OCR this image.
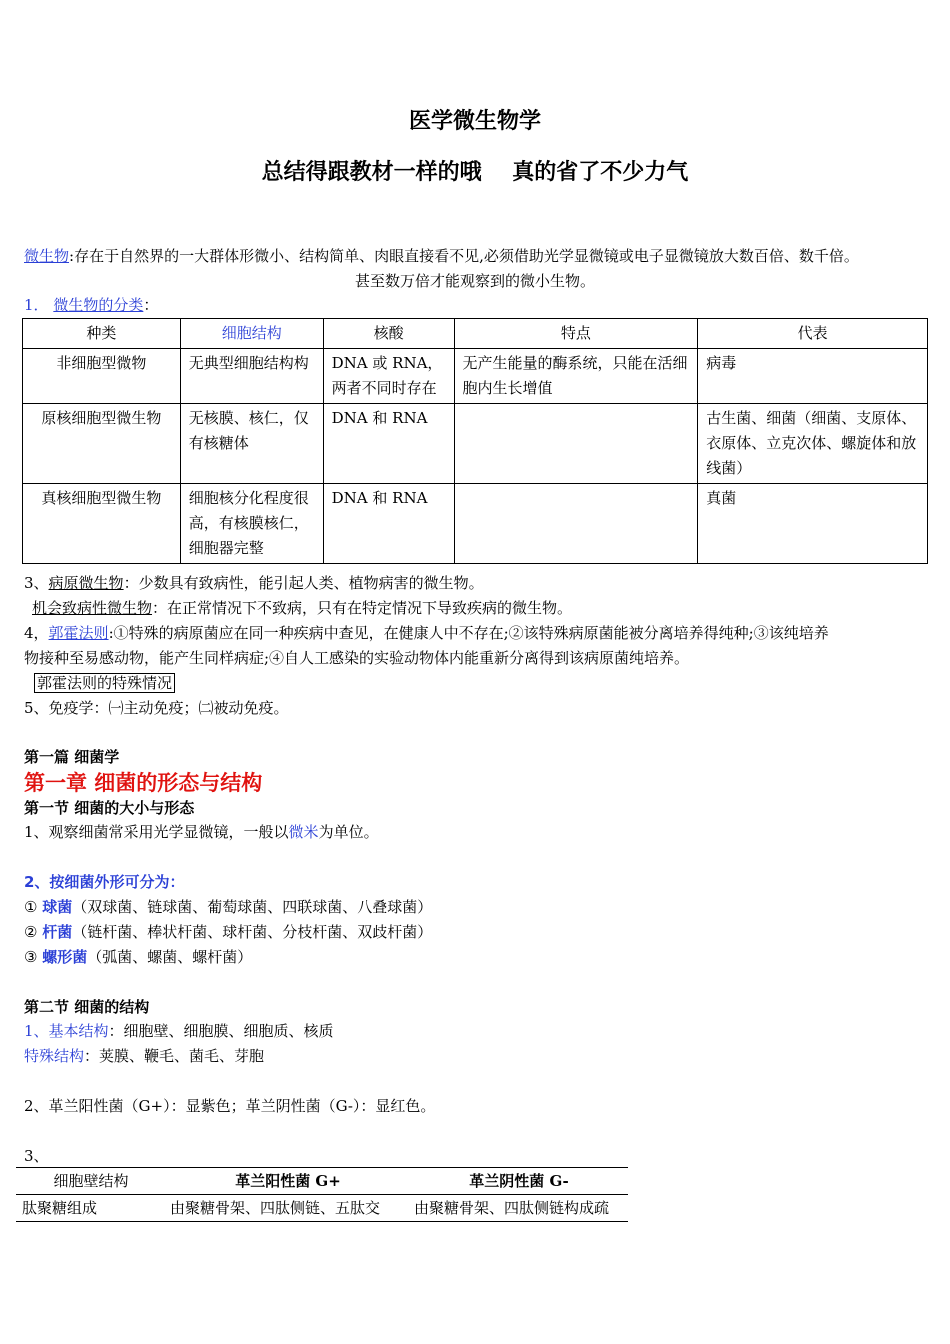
医学微生物学
总结得跟教材一样的哦    真的省了不少力气
微生物:存在于自然界的一大群体形微小、结构简单、肉眼直接看不见,必须借助光学显微镜或电子显微镜放大数百倍、数千倍。
甚至数万倍才能观察到的微小生物。
1． 微生物的分类：
种类	细胞结构	核酸	特点	代表
非细胞型微物	无典型细胞结构构	DNA 或 RNA，两者不同时存在	无产生能量的酶系统，只能在活细胞内生长增值	病毒
原核细胞型微生物	无核膜、核仁，仅有核糖体	DNA 和 RNA		古生菌、细菌（细菌、支原体、衣原体、立克次体、螺旋体和放线菌）
真核细胞型微生物	细胞核分化程度很高，有核膜核仁，细胞器完整	DNA 和 RNA		真菌
3、病原微生物：少数具有致病性，能引起人类、植物病害的微生物。
机会致病性微生物：在正常情况下不致病，只有在特定情况下导致疾病的微生物。
4，郭霍法则:①特殊的病原菌应在同一种疾病中查见，在健康人中不存在;②该特殊病原菌能被分离培养得纯种;③该纯培养
物接种至易感动物，能产生同样病症;④自人工感染的实验动物体内能重新分离得到该病原菌纯培养。
郭霍法则的特殊情况
5、免疫学：㈠主动免疫；㈡被动免疫。
第一篇 细菌学
第一章 细菌的形态与结构
第一节 细菌的大小与形态
1、观察细菌常采用光学显微镜，一般以微米为单位。
2、按细菌外形可分为：
① 球菌（双球菌、链球菌、葡萄球菌、四联球菌、八叠球菌）
② 杆菌（链杆菌、棒状杆菌、球杆菌、分枝杆菌、双歧杆菌）
③ 螺形菌（弧菌、螺菌、螺杆菌）
第二节 细菌的结构
1、基本结构：细胞壁、细胞膜、细胞质、核质
特殊结构：荚膜、鞭毛、菌毛、芽胞
2、革兰阳性菌（G+）：显紫色；革兰阴性菌（G-）：显红色。
3、
细胞壁结构	革兰阳性菌 G+	革兰阴性菌 G-
肽聚糖组成	由聚糖骨架、四肽侧链、五肽交	由聚糖骨架、四肽侧链构成疏
